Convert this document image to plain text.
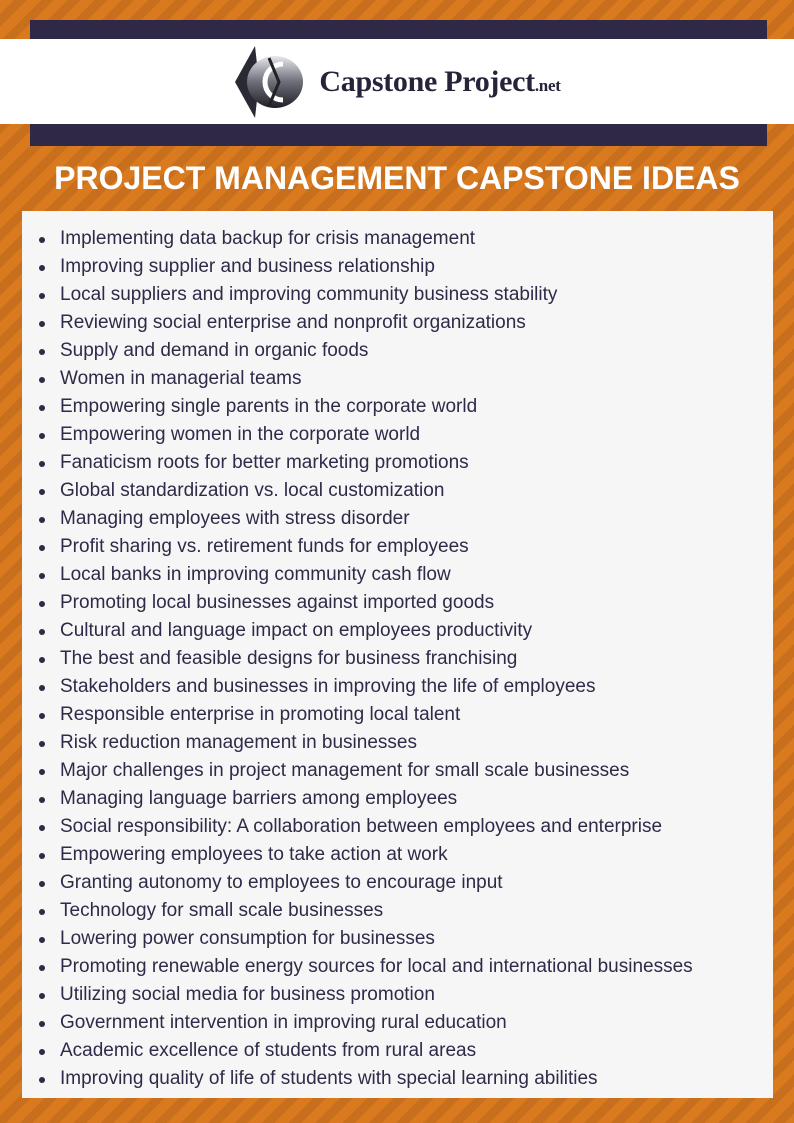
Capstone Project.net
PROJECT MANAGEMENT CAPSTONE IDEAS
Implementing data backup for crisis management
Improving supplier and business relationship
Local suppliers and improving community business stability
Reviewing social enterprise and nonprofit organizations
Supply and demand in organic foods
Women in managerial teams
Empowering single parents in the corporate world
Empowering women in the corporate world
Fanaticism roots for better marketing promotions
Global standardization vs. local customization
Managing employees with stress disorder
Profit sharing vs. retirement funds for employees
Local banks in improving community cash flow
Promoting local businesses against imported goods
Cultural and language impact on employees productivity
The best and feasible designs for business franchising
Stakeholders and businesses in improving the life of employees
Responsible enterprise in promoting local talent
Risk reduction management in businesses
Major challenges in project management for small scale businesses
Managing language barriers among employees
Social responsibility: A collaboration between employees and enterprise
Empowering employees to take action at work
Granting autonomy to employees to encourage input
Technology for small scale businesses
Lowering power consumption for businesses
Promoting renewable energy sources for local and international businesses
Utilizing social media for business promotion
Government intervention in improving rural education
Academic excellence of students from rural areas
Improving quality of life of students with special learning abilities
